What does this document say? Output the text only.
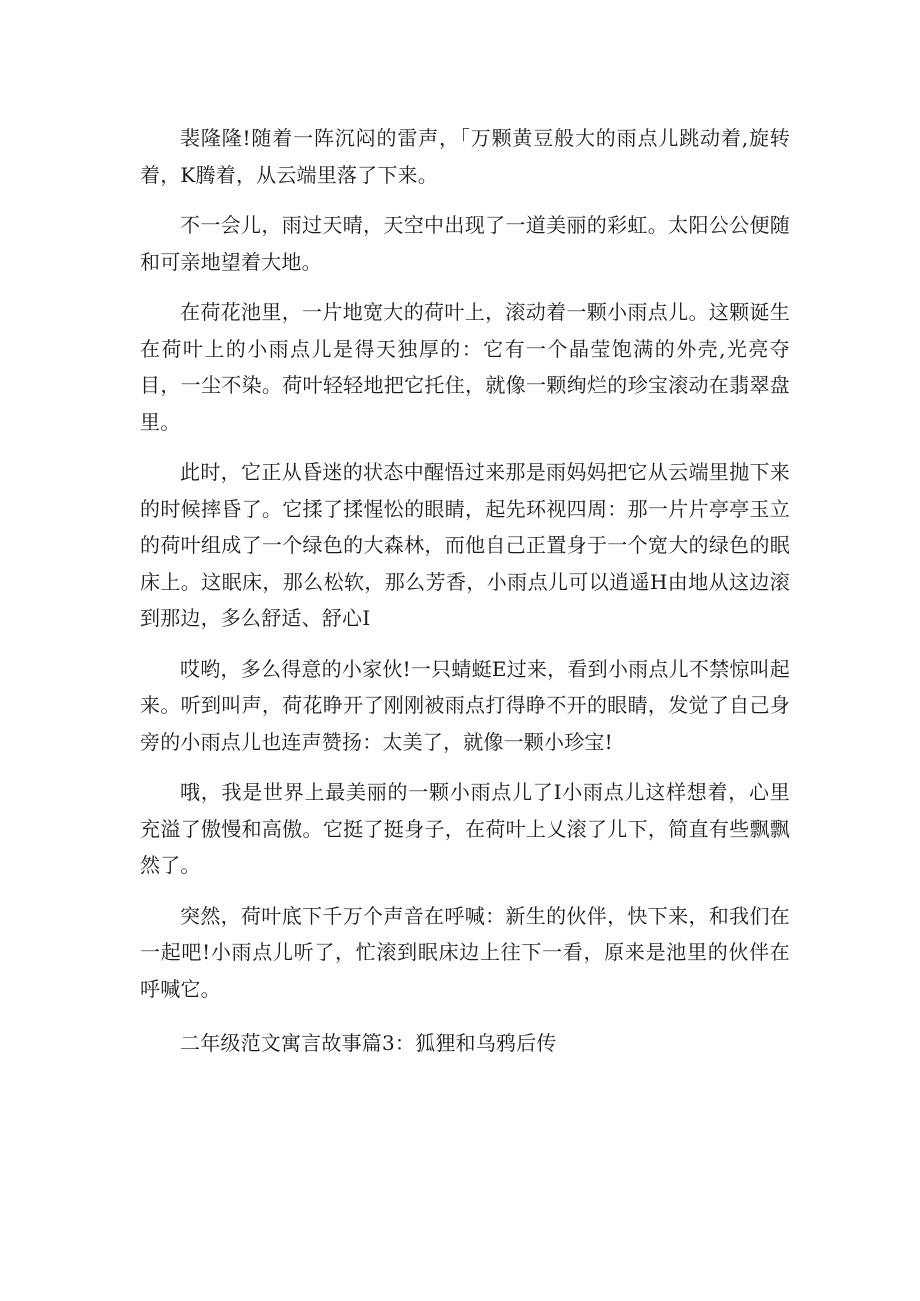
裴隆隆!随着一阵沉闷的雷声，「万颗黄豆般大的雨点儿跳动着,旋转着，K腾着，从云端里落了下来。

不一会儿，雨过天晴，天空中出现了一道美丽的彩虹。太阳公公便随和可亲地望着大地。

在荷花池里，一片地宽大的荷叶上，滚动着一颗小雨点儿。这颗诞生在荷叶上的小雨点儿是得天独厚的：它有一个晶莹饱满的外壳,光亮夺目，一尘不染。荷叶轻轻地把它托住，就像一颗绚烂的珍宝滚动在翡翠盘里。

此时，它正从昏迷的状态中醒悟过来那是雨妈妈把它从云端里抛下来的时候摔昏了。它揉了揉惺忪的眼睛，起先环视四周：那一片片亭亭玉立的荷叶组成了一个绿色的大森林，而他自己正置身于一个宽大的绿色的眠床上。这眠床，那么松软，那么芳香，小雨点儿可以逍遥H由地从这边滚到那边，多么舒适、舒心I

哎哟，多么得意的小家伙!一只蜻蜓E过来，看到小雨点儿不禁惊叫起来。听到叫声，荷花睁开了刚刚被雨点打得睁不开的眼睛，发觉了自己身旁的小雨点儿也连声赞扬：太美了，就像一颗小珍宝!

哦，我是世界上最美丽的一颗小雨点儿了I小雨点儿这样想着，心里充溢了傲慢和高傲。它挺了挺身子，在荷叶上乂滚了儿下，简直有些飘飘然了。

突然，荷叶底下千万个声音在呼喊：新生的伙伴，快下来，和我们在一起吧!小雨点儿听了，忙滚到眠床边上往下一看，原来是池里的伙伴在呼喊它。

二年级范文寓言故事篇3：狐狸和乌鸦后传
